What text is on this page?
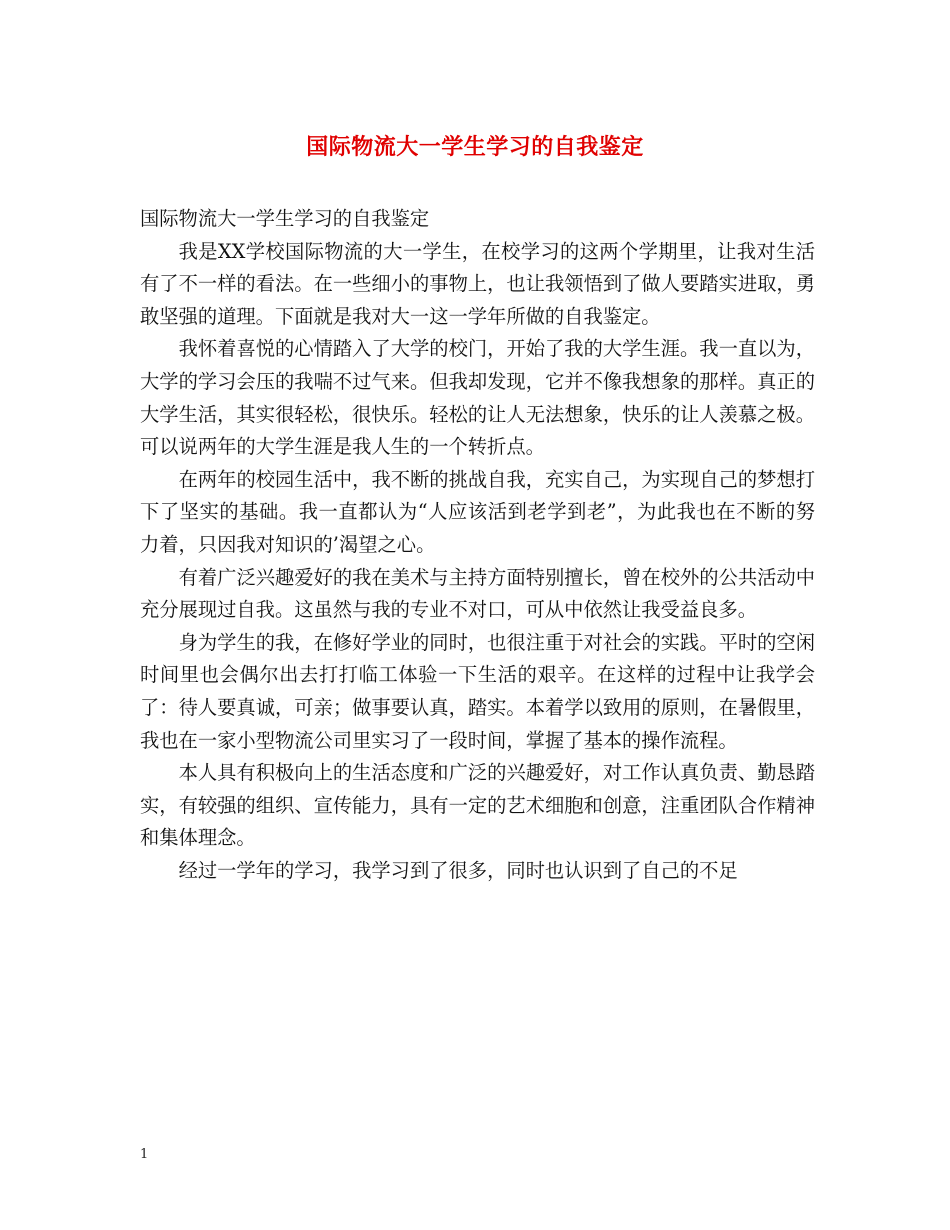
国际物流大一学生学习的自我鉴定

国际物流大一学生学习的自我鉴定

我是XX学校国际物流的大一学生，在校学习的这两个学期里，让我对生活有了不一样的看法。在一些细小的事物上，也让我领悟到了做人要踏实进取，勇敢坚强的道理。下面就是我对大一这一学年所做的自我鉴定。

我怀着喜悦的心情踏入了大学的校门，开始了我的大学生涯。我一直以为，大学的学习会压的我喘不过气来。但我却发现，它并不像我想象的那样。真正的大学生活，其实很轻松，很快乐。轻松的让人无法想象，快乐的让人羡慕之极。可以说两年的大学生涯是我人生的一个转折点。

在两年的校园生活中，我不断的挑战自我，充实自己，为实现自己的梦想打下了坚实的基础。我一直都认为“人应该活到老学到老”，为此我也在不断的努力着，只因我对知识的’渴望之心。

有着广泛兴趣爱好的我在美术与主持方面特别擅长，曾在校外的公共活动中充分展现过自我。这虽然与我的专业不对口，可从中依然让我受益良多。

身为学生的我，在修好学业的同时，也很注重于对社会的实践。平时的空闲时间里也会偶尔出去打打临工体验一下生活的艰辛。在这样的过程中让我学会了：待人要真诚，可亲；做事要认真，踏实。本着学以致用的原则，在暑假里，我也在一家小型物流公司里实习了一段时间，掌握了基本的操作流程。

本人具有积极向上的生活态度和广泛的兴趣爱好，对工作认真负责、勤恳踏实，有较强的组织、宣传能力，具有一定的艺术细胞和创意，注重团队合作精神和集体理念。

经过一学年的学习，我学习到了很多，同时也认识到了自己的不足

1
